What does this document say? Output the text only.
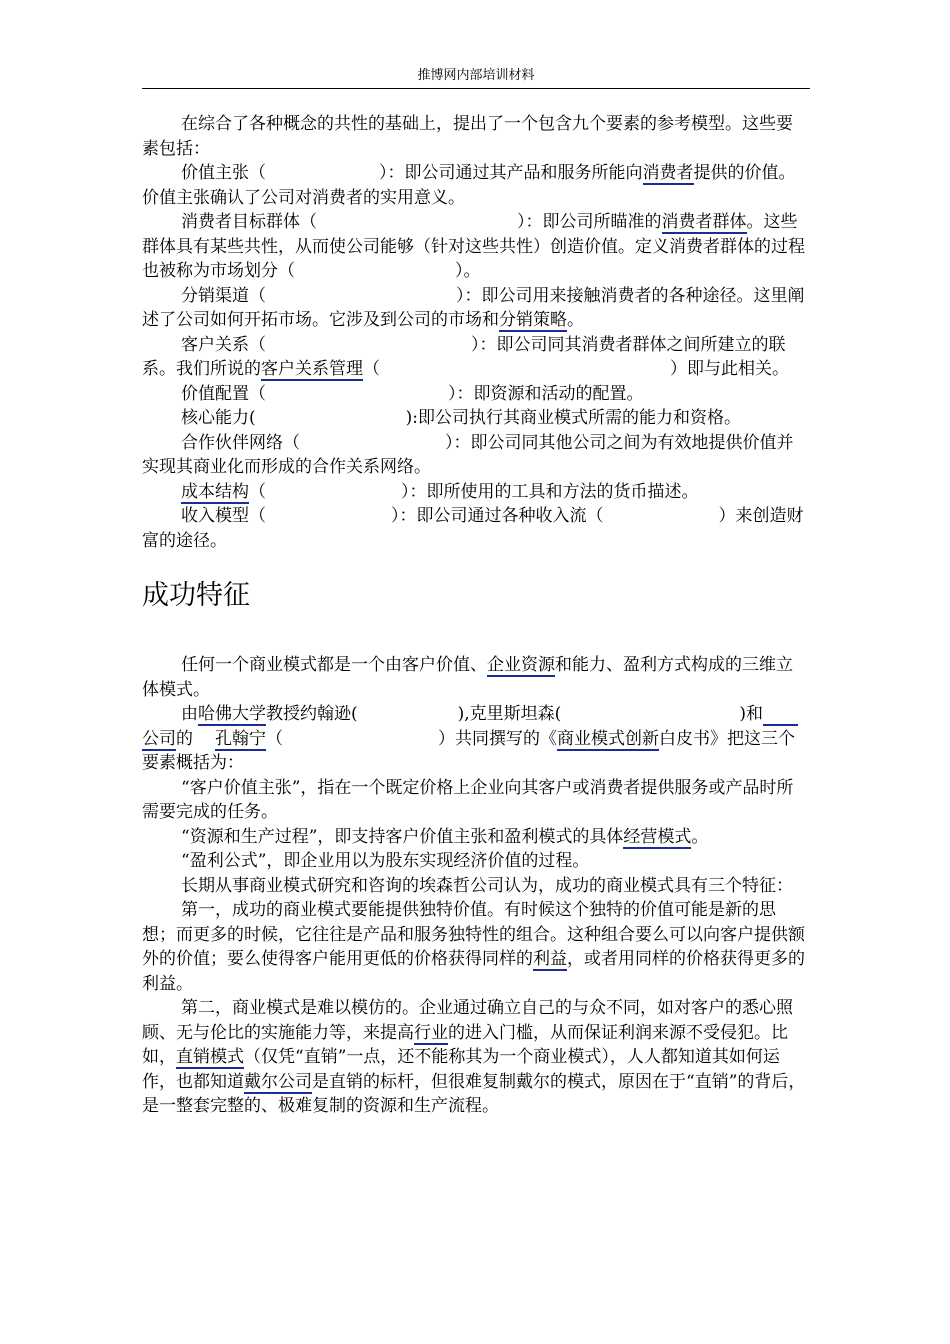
推博网内部培训材料

在综合了各种概念的共性的基础上，提出了一个包含九个要素的参考模型。这些要素包括：

价值主张（	）：即公司通过其产品和服务所能向消费者提供的价值。价值主张确认了公司对消费者的实用意义。

消费者目标群体（	）：即公司所瞄准的消费者群体。这些群体具有某些共性，从而使公司能够（针对这些共性）创造价值。定义消费者群体的过程也被称为市场划分（	）。

分销渠道（	）：即公司用来接触消费者的各种途径。这里阐述了公司如何开拓市场。它涉及到公司的市场和分销策略。

客户关系（	）：即公司同其消费者群体之间所建立的联系。我们所说的客户关系管理（	）即与此相关。

价值配置（	）：即资源和活动的配置。

核心能力(	):即公司执行其商业模式所需的能力和资格。

合作伙伴网络（	）：即公司同其他公司之间为有效地提供价值并实现其商业化而形成的合作关系网络。

成本结构（	）：即所使用的工具和方法的货币描述。

收入模型（	）：即公司通过各种收入流（	）来创造财富的途径。

成功特征

任何一个商业模式都是一个由客户价值、企业资源和能力、盈利方式构成的三维立体模式。

由哈佛大学教授约翰逊(	),克里斯坦森(	)和公司的 孔翰宁（	）共同撰写的《商业模式创新白皮书》把这三个要素概括为：

“客户价值主张”，指在一个既定价格上企业向其客户或消费者提供服务或产品时所需要完成的任务。

“资源和生产过程”，即支持客户价值主张和盈利模式的具体经营模式。

“盈利公式”，即企业用以为股东实现经济价值的过程。

长期从事商业模式研究和咨询的埃森哲公司认为，成功的商业模式具有三个特征：

第一，成功的商业模式要能提供独特价值。有时候这个独特的价值可能是新的思想；而更多的时候，它往往是产品和服务独特性的组合。这种组合要么可以向客户提供额外的价值；要么使得客户能用更低的价格获得同样的利益，或者用同样的价格获得更多的利益。

第二，商业模式是难以模仿的。企业通过确立自己的与众不同，如对客户的悉心照顾、无与伦比的实施能力等，来提高行业的进入门槛，从而保证利润来源不受侵犯。比如，直销模式（仅凭“直销”一点，还不能称其为一个商业模式），人人都知道其如何运作，也都知道戴尔公司是直销的标杆，但很难复制戴尔的模式，原因在于“直销”的背后，是一整套完整的、极难复制的资源和生产流程。
